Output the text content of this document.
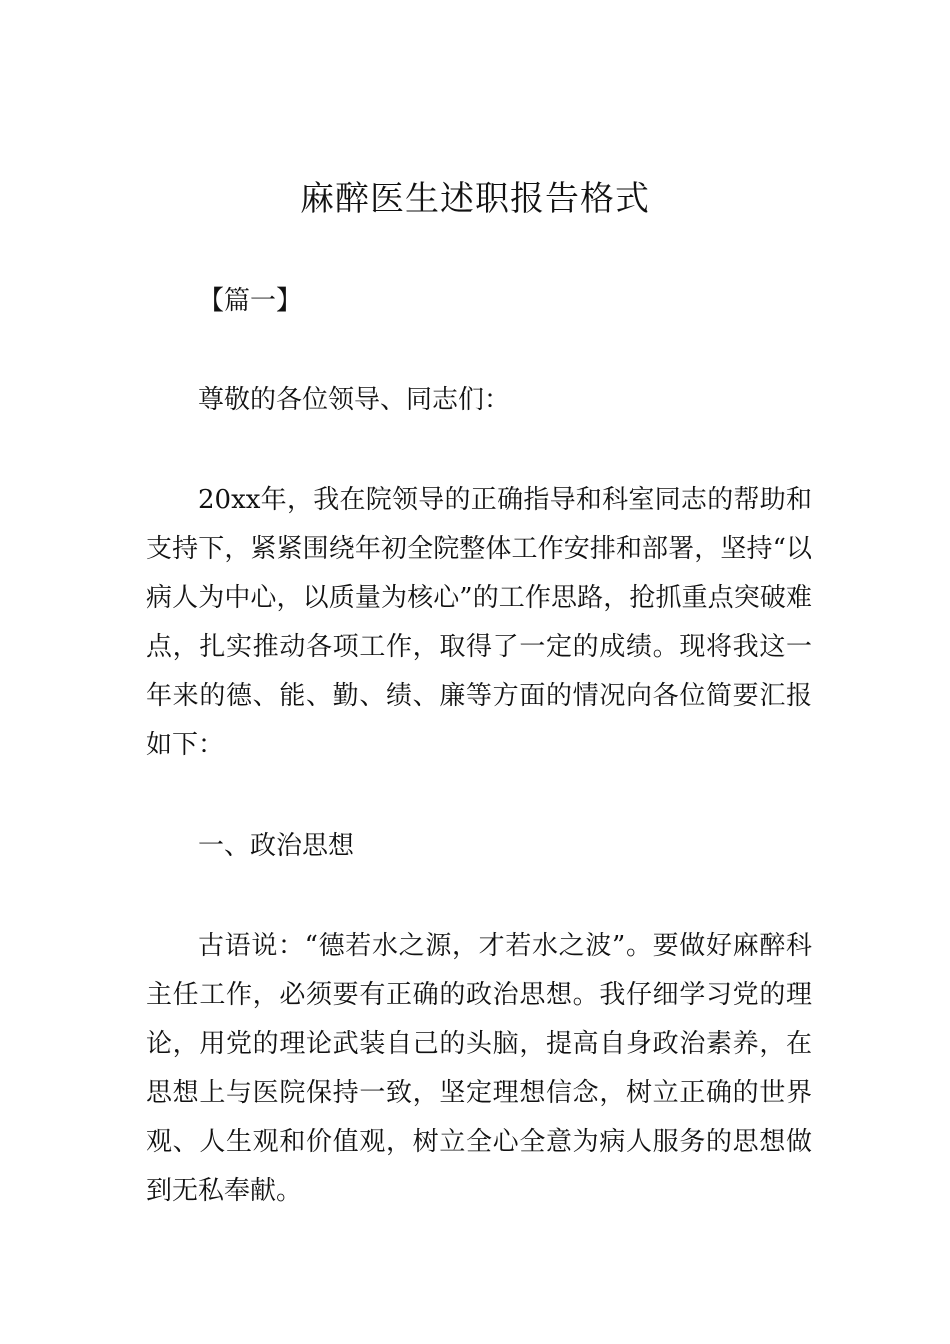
麻醉医生述职报告格式

【篇一】

尊敬的各位领导、同志们：

20xx年，我在院领导的正确指导和科室同志的帮助和支持下，紧紧围绕年初全院整体工作安排和部署，坚持“以病人为中心，以质量为核心”的工作思路，抢抓重点突破难点，扎实推动各项工作，取得了一定的成绩。现将我这一年来的德、能、勤、绩、廉等方面的情况向各位简要汇报如下：

一、政治思想

古语说：“德若水之源，才若水之波”。要做好麻醉科主任工作，必须要有正确的政治思想。我仔细学习党的理论，用党的理论武装自己的头脑，提高自身政治素养，在思想上与医院保持一致，坚定理想信念，树立正确的世界观、人生观和价值观，树立全心全意为病人服务的思想做到无私奉献。
